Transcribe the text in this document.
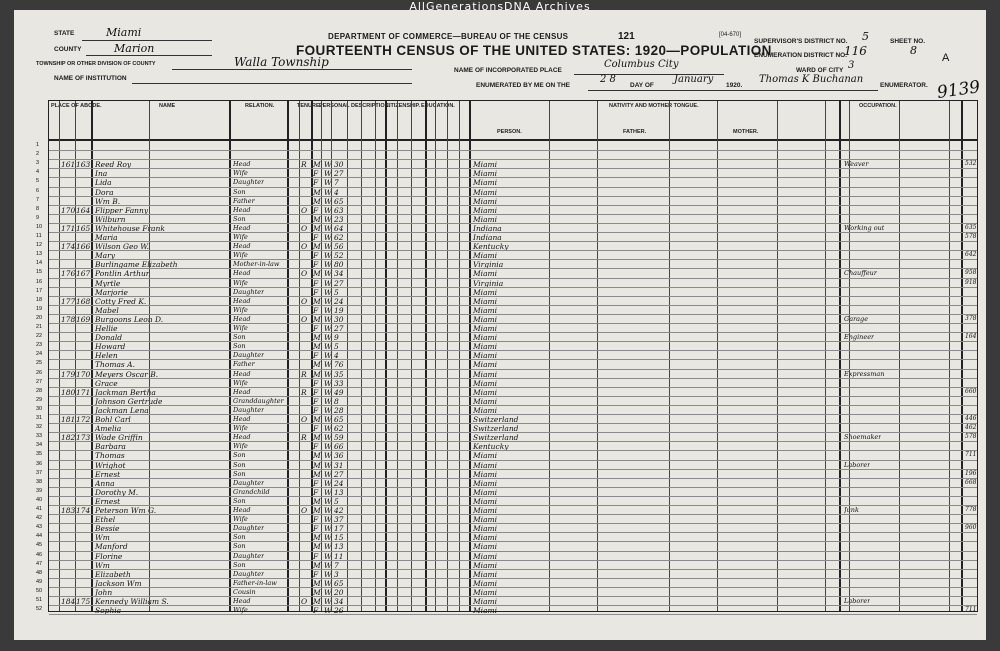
AllGenerationsDNA Archives
9139
DEPARTMENT OF COMMERCE—BUREAU OF THE CENSUS	121	[04-670]
FOURTEENTH CENSUS OF THE UNITED STATES: 1920—POPULATION
STATE	Miami
COUNTY	Marion
TOWNSHIP OR OTHER DIVISION OF COUNTY	Walla Township
NAME OF INSTITUTION
NAME OF INCORPORATED PLACE
Columbus City
ENUMERATED BY ME ON THE
2 8
DAY OF
January
1920.
Thomas K Buchanan
ENUMERATOR.
SUPERVISOR'S DISTRICT NO. 5
ENUMERATION DISTRICT NO.
116
SHEET NO.
8
A
WARD OF CITY 3
PLACE OF ABODE.	NAME	RELATION.	TENURE.
PERSONAL DESCRIPTION.
CITIZENSHIP. EDUCATION.	NATIVITY AND MOTHER TONGUE.	OCCUPATION.
PERSON.	FATHER.	MOTHER.
1
2
3	161 163 Reed Roy	Head	R M W 30	Miami	Weaver	532
4	Ina	Wife	F W 27	Miami
5	Lida	Daughter	F W 7	Miami
6	Dora	Son	M W 4	Miami
7	Wm B.	Father	M W 65	Miami
8	170 164 Flipper Fanny	Head	O F W 63	Miami
9	Wilburn	Son	M W 23	Miami
10	171 165 Whitehouse Frank	Head	O M W 64	Indiana	Working out	635
11	Maria	Wife	F W 62	Indiana	578
12	174 166 Wilson Geo W.	Head	O M W 56	Kentucky
13	Mary	Wife	F W 52	Miami	642
14	Burlingame Elizabeth	Mother-in-law	F W 80	Virginia
15	176 167 Pontlin Arthur	Head	O M W 34	Miami	Chauffeur	958
16	Myrtle	Wife	F W 27	Virginia	918
17	Marjorie	Daughter	F W 5	Miami
18	177 168 Cotty Fred K.	Head	O M W 24	Miami
19	Mabel	Wife	F W 19	Miami
20	178 169 Burgoons Leon D.	Head	O M W 30	Miami	Garage	378
21	Hellie	Wife	F W 27	Miami
22	Donald	Son	M W 9	Miami	Engineer	164
23	Howard	Son	M W 5	Miami
24	Helen	Daughter	F W 4	Miami
25	Thomas A.	Father	M W 76	Miami
26	179 170 Meyers Oscar B.	Head	R M W 35	Miami	Expressman
27	Grace	Wife	F W 33	Miami
28	180 171 Jackman Bertha	Head	R F W 49	Miami	660
29	Johnson Gertrude	Granddaughter	F W 8	Miami
30	Jackman Lena	Daughter	F W 28	Miami
31	181 172 Bohl Carl	Head	O M W 65	Switzerland	446
32	Amelia	Wife	F W 62	Switzerland	462
33	182 173 Wade Griffin	Head	R M W 59	Switzerland	Shoemaker	578
34	Barbara	Wife	F W 66	Kentucky
35	Thomas	Son	M W 36	Miami	711
36	Wrighot	Son	M W 31	Miami	Laborer
37	Ernest	Son	M W 27	Miami	196
38	Anna	Daughter	F W 24	Miami	668
39	Dorothy M.	Grandchild	F W 13	Miami
40	Ernest	Son	M W 5	Miami
41	183 174 Peterson Wm G.	Head	O M W 42	Miami	Junk	778
42	Ethel	Wife	F W 37	Miami
43	Bessie	Daughter	F W 17	Miami	960
44	Wm	Son	M W 15	Miami
45	Manford	Son	M W 13	Miami
46	Florine	Daughter	F W 11	Miami
47	Wm	Son	M W 7	Miami
48	Elizabeth	Daughter	F W 3	Miami
49	Jackson Wm	Father-in-law	M W 65	Miami
50	John	Cousin	M W 20	Miami
51	184 175 Kennedy William S.	Head	O M W 34	Miami	Laborer
52	Sophia	Wife	F W 26	Miami	711
